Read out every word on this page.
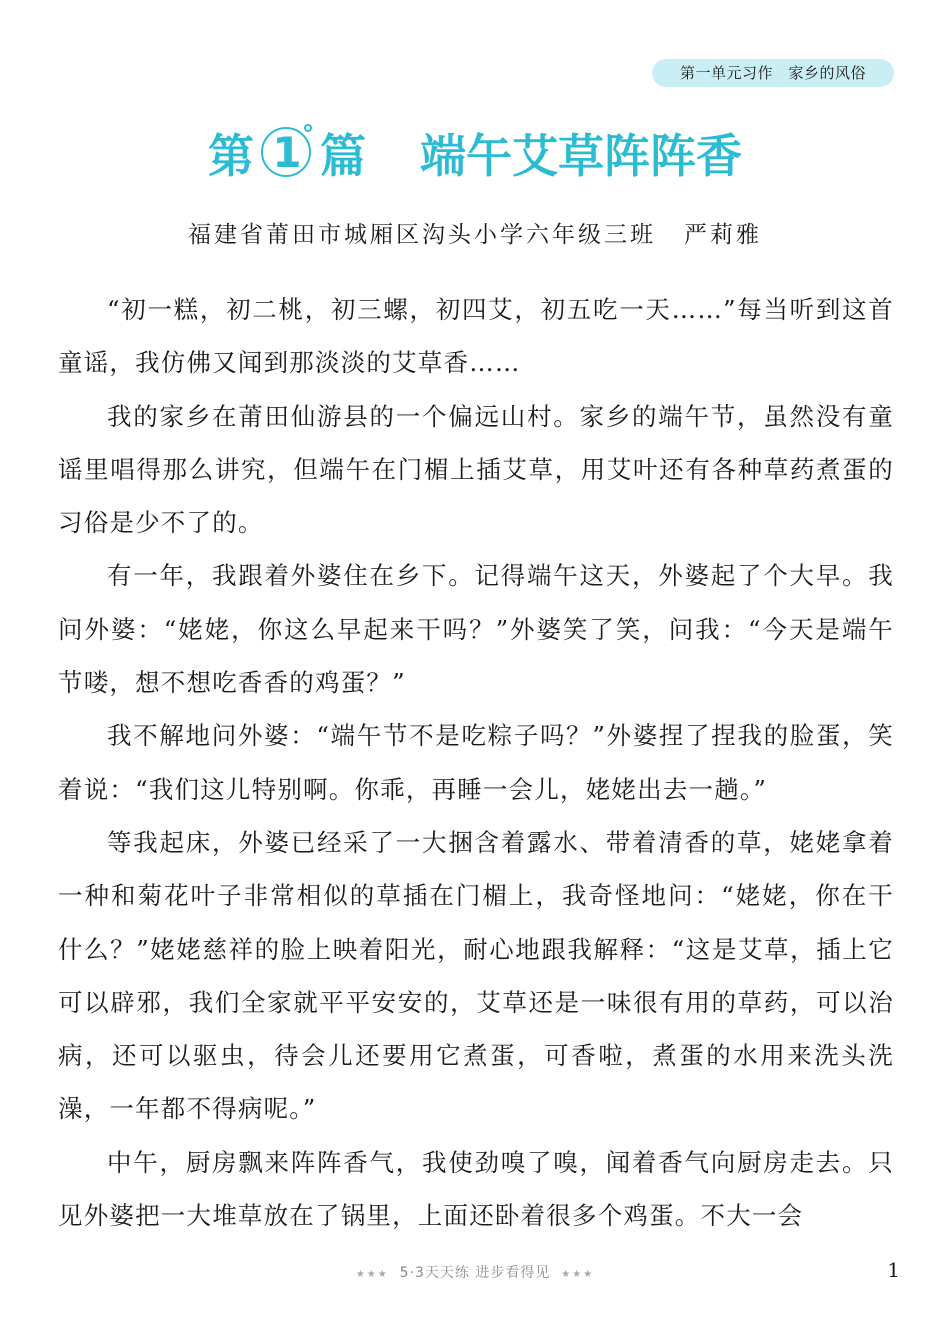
第一单元习作　家乡的风俗
第 1 篇 端午艾草阵阵香
福建省莆田市城厢区沟头小学六年级三班 严莉雅

“初一糕，初二桃，初三螺，初四艾，初五吃一天……”每当听到这首童谣，我仿佛又闻到那淡淡的艾草香……

我的家乡在莆田仙游县的一个偏远山村。家乡的端午节，虽然没有童谣里唱得那么讲究，但端午在门楣上插艾草，用艾叶还有各种草药煮蛋的习俗是少不了的。

有一年，我跟着外婆住在乡下。记得端午这天，外婆起了个大早。我问外婆：“姥姥，你这么早起来干吗？”外婆笑了笑，问我：“今天是端午节喽，想不想吃香香的鸡蛋？”

我不解地问外婆：“端午节不是吃粽子吗？”外婆捏了捏我的脸蛋，笑着说：“我们这儿特别啊。你乖，再睡一会儿，姥姥出去一趟。”

等我起床，外婆已经采了一大捆含着露水、带着清香的草，姥姥拿着一种和菊花叶子非常相似的草插在门楣上，我奇怪地问：“姥姥，你在干什么？”姥姥慈祥的脸上映着阳光，耐心地跟我解释：“这是艾草，插上它可以辟邪，我们全家就平平安安的，艾草还是一味很有用的草药，可以治病，还可以驱虫，待会儿还要用它煮蛋，可香啦，煮蛋的水用来洗头洗澡，一年都不得病呢。”

中午，厨房飘来阵阵香气，我使劲嗅了嗅，闻着香气向厨房走去。只见外婆把一大堆草放在了锅里，上面还卧着很多个鸡蛋。不大一会

★★★ 5·3天天练 进步看得见 ★★★	1
